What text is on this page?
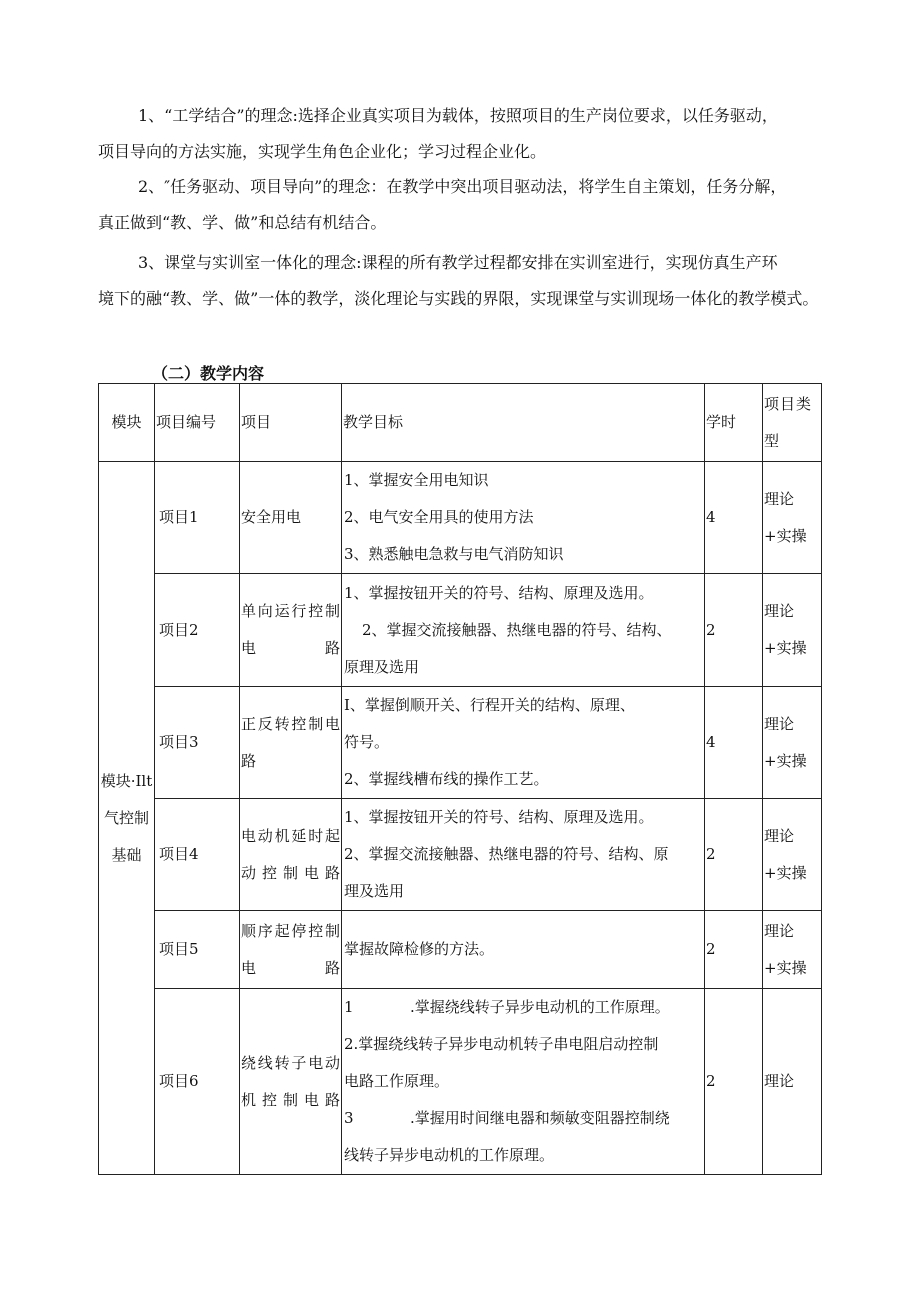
1、“工学结合”的理念:选择企业真实项目为载体，按照项目的生产岗位要求，以任务驱动，
项目导向的方法实施，实现学生角色企业化；学习过程企业化。
2、″任务驱动、项目导向”的理念：在教学中突出项目驱动法，将学生自主策划，任务分解，
真正做到“教、学、做”和总结有机结合。
3、课堂与实训室一体化的理念:课程的所有教学过程都安排在实训室进行，实现仿真生产环
境下的融“教、学、做”一体的教学，淡化理论与实践的界限，实现课堂与实训现场一体化的教学模式。
（二）教学内容
模块	项目编号	项目	教学目标	学时	项目类型
模块·Ilt气控制基础	项目1	安全用电	1、掌握安全用电知识
2、电气安全用具的使用方法
3、熟悉触电急救与电气消防知识	4	理论+实操
	项目2	单向运行控制电路	1、掌握按钮开关的符号、结构、原理及选用。
2、掌握交流接触器、热继电器的符号、结构、
原理及选用	2	理论+实操
	项目3	正反转控制电路	I、掌握倒顺开关、行程开关的结构、原理、
符号。
2、掌握线槽布线的操作工艺。	4	理论+实操
	项目4	电动机延时起动控制电路	1、掌握按钮开关的符号、结构、原理及选用。
2、掌握交流接触器、热继电器的符号、结构、原
理及选用	2	理论+实操
	项目5	顺序起停控制电路	掌握故障检修的方法。	2	理论+实操
	项目6	绕线转子电动机控制电路	1 .掌握绕线转子异步电动机的工作原理。
2.掌握绕线转子异步电动机转子串电阻启动控制
电路工作原理。
3 .掌握用时间继电器和频敏变阻器控制绕
线转子异步电动机的工作原理。	2	理论
